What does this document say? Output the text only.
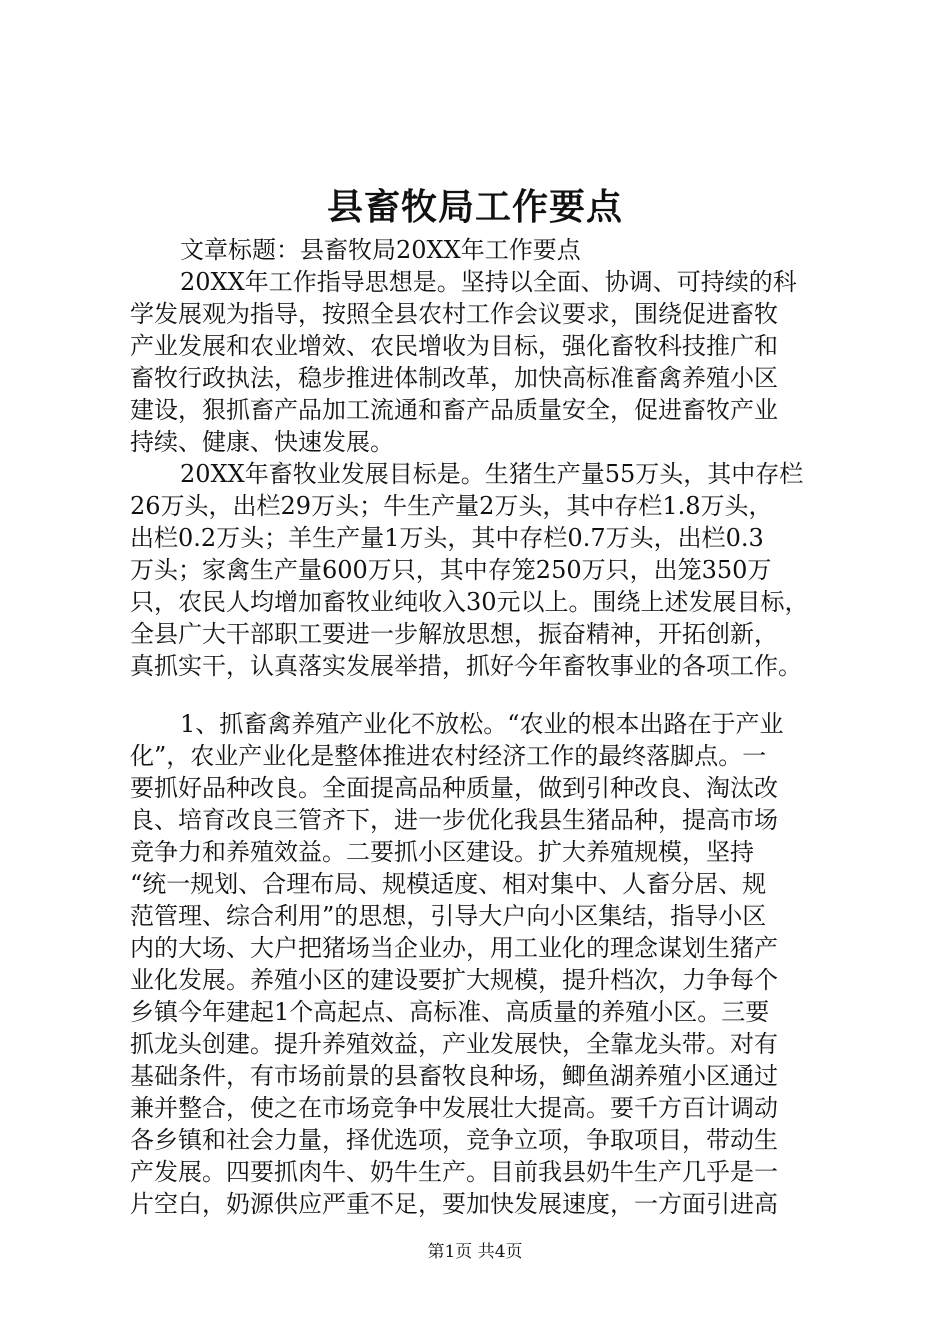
县畜牧局工作要点
文章标题：县畜牧局20XX年工作要点
20XX年工作指导思想是。坚持以全面、协调、可持续的科
学发展观为指导，按照全县农村工作会议要求，围绕促进畜牧
产业发展和农业增效、农民增收为目标，强化畜牧科技推广和
畜牧行政执法，稳步推进体制改革，加快高标准畜禽养殖小区
建设，狠抓畜产品加工流通和畜产品质量安全，促进畜牧产业
持续、健康、快速发展。
20XX年畜牧业发展目标是。生猪生产量55万头，其中存栏
26万头，出栏29万头；牛生产量2万头，其中存栏1.8万头，
出栏0.2万头；羊生产量1万头，其中存栏0.7万头，出栏0.3
万头；家禽生产量600万只，其中存笼250万只，出笼350万
只，农民人均增加畜牧业纯收入30元以上。围绕上述发展目标，
全县广大干部职工要进一步解放思想，振奋精神，开拓创新，
真抓实干，认真落实发展举措，抓好今年畜牧事业的各项工作。
1、抓畜禽养殖产业化不放松。“农业的根本出路在于产业
化”，农业产业化是整体推进农村经济工作的最终落脚点。一
要抓好品种改良。全面提高品种质量，做到引种改良、淘汰改
良、培育改良三管齐下，进一步优化我县生猪品种，提高市场
竞争力和养殖效益。二要抓小区建设。扩大养殖规模，坚持
“统一规划、合理布局、规模适度、相对集中、人畜分居、规
范管理、综合利用”的思想，引导大户向小区集结，指导小区
内的大场、大户把猪场当企业办，用工业化的理念谋划生猪产
业化发展。养殖小区的建设要扩大规模，提升档次，力争每个
乡镇今年建起1个高起点、高标准、高质量的养殖小区。三要
抓龙头创建。提升养殖效益，产业发展快，全靠龙头带。对有
基础条件，有市场前景的县畜牧良种场，鲫鱼湖养殖小区通过
兼并整合，使之在市场竞争中发展壮大提高。要千方百计调动
各乡镇和社会力量，择优选项，竞争立项，争取项目，带动生
产发展。四要抓肉牛、奶牛生产。目前我县奶牛生产几乎是一
片空白，奶源供应严重不足，要加快发展速度，一方面引进高
第1页 共4页
